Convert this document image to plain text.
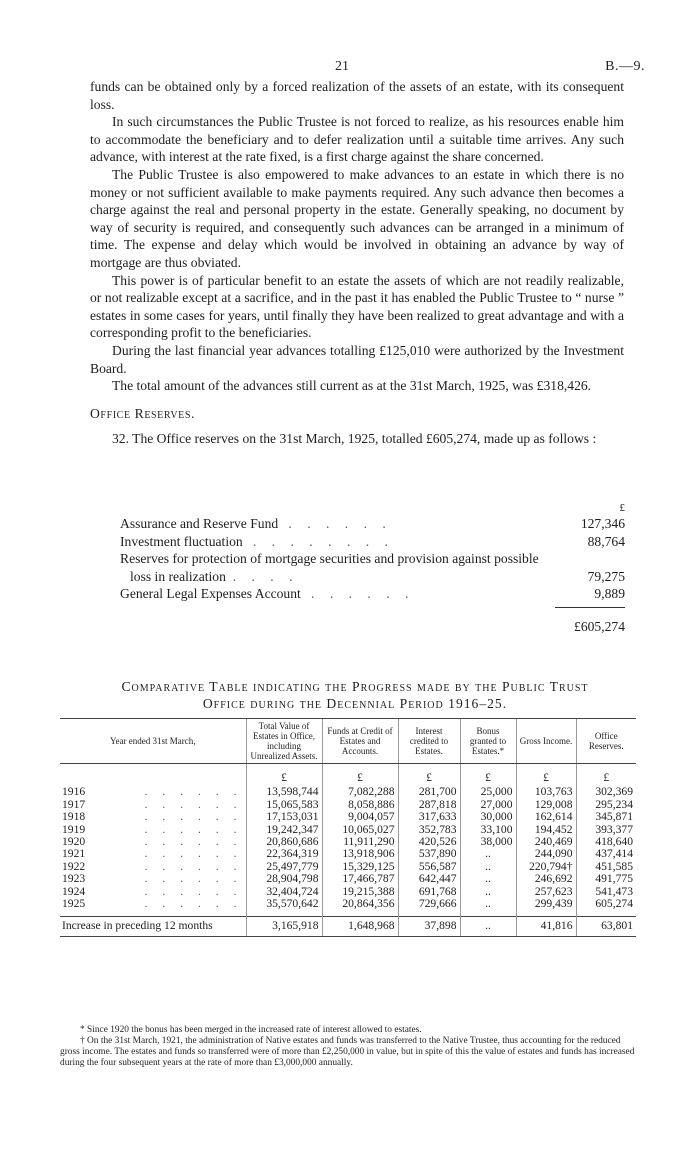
21	B.—9.

funds can be obtained only by a forced realization of the assets of an estate, with its consequent loss.

In such circumstances the Public Trustee is not forced to realize, as his resources enable him to accommodate the beneficiary and to defer realization until a suitable time arrives. Any such advance, with interest at the rate fixed, is a first charge against the share concerned.

The Public Trustee is also empowered to make advances to an estate in which there is no money or not sufficient available to make payments required. Any such advance then becomes a charge against the real and personal property in the estate. Generally speaking, no document by way of security is required, and consequently such advances can be arranged in a minimum of time. The expense and delay which would be involved in obtaining an advance by way of mortgage are thus obviated.

This power is of particular benefit to an estate the assets of which are not readily realizable, or not realizable except at a sacrifice, and in the past it has enabled the Public Trustee to “ nurse ” estates in some cases for years, until finally they have been realized to great advantage and with a corresponding profit to the beneficiaries.

During the last financial year advances totalling £125,010 were authorized by the Investment Board.

The total amount of the advances still current as at the 31st March, 1925, was £318,426.

Office Reserves.

32. The Office reserves on the 31st March, 1925, totalled £605,274, made up as follows :

£
Assurance and Reserve Fund . . . . . .	127,346
Investment fluctuation . . . . . . . .	88,764
Reserves for protection of mortgage securities and provision against possible loss in realization . . . .	79,275
General Legal Expenses Account . . . . . .	9,889
£605,274
Comparative Table indicating the Progress made by the Public Trust
Office during the Decennial Period 1916–25.
Year ended 31st March,	Total Value of Estates in Office, including Unrealized Assets.	Funds at Credit of Estates and Accounts.	Interest credited to Estates.	Bonus granted to Estates.*	Gross Income.	Office Reserves.
	£	£	£	£	£	£
1916 . . . . . .	13,598,744	7,082,288	281,700	25,000	103,763	302,369
1917 . . . . . .	15,065,583	8,058,886	287,818	27,000	129,008	295,234
1918 . . . . . .	17,153,031	9,004,057	317,633	30,000	162,614	345,871
1919 . . . . . .	19,242,347	10,065,027	352,783	33,100	194,452	393,377
1920 . . . . . .	20,860,686	11,911,290	420,526	38,000	240,469	418,640
1921 . . . . . .	22,364,319	13,918,906	537,890	..	244,090	437,414
1922 . . . . . .	25,497,779	15,329,125	556,587	..	220,794†	451,585
1923 . . . . . .	28,904,798	17,466,787	642,447	..	246,692	491,775
1924 . . . . . .	32,404,724	19,215,388	691,768	..	257,623	541,473
1925 . . . . . .	35,570,642	20,864,356	729,666	..	299,439	605,274

Increase in preceding 12 months	3,165,918	1,648,968	37,898	..	41,816	63,801

* Since 1920 the bonus has been merged in the increased rate of interest allowed to estates.

† On the 31st March, 1921, the administration of Native estates and funds was transferred to the Native Trustee, thus accounting for the reduced gross income. The estates and funds so transferred were of more than £2,250,000 in value, but in spite of this the value of estates and funds has increased during the four subsequent years at the rate of more than £3,000,000 annually.
